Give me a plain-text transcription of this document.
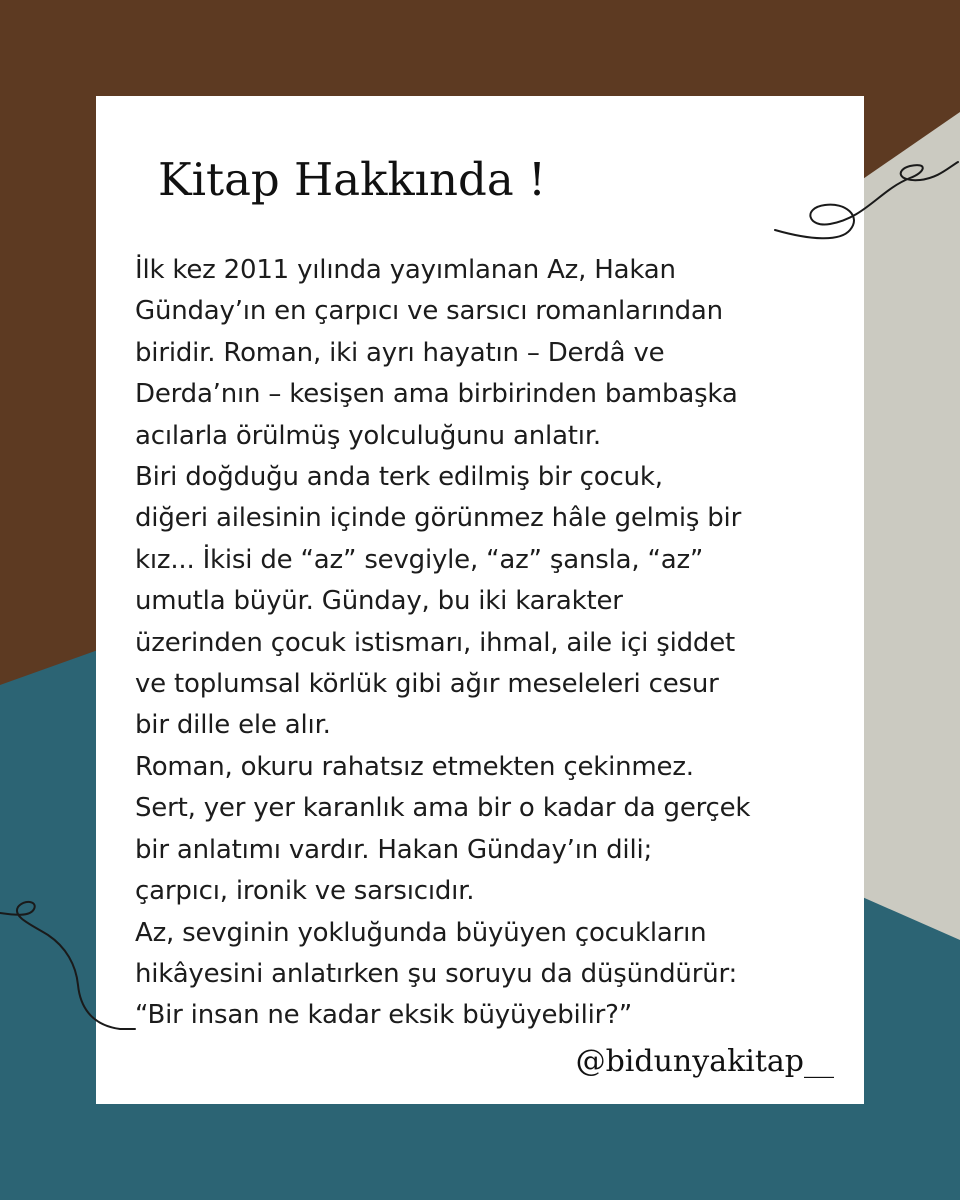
Kitap Hakkında !
İlk kez 2011 yılında yayımlanan Az, Hakan
Günday’ın en çarpıcı ve sarsıcı romanlarından
biridir. Roman, iki ayrı hayatın – Derdâ ve
Derda’nın – kesişen ama birbirinden bambaşka
acılarla örülmüş yolculuğunu anlatır.
Biri doğduğu anda terk edilmiş bir çocuk,
diğeri ailesinin içinde görünmez hâle gelmiş bir
kız... İkisi de “az” sevgiyle, “az” şansla, “az”
umutla büyür. Günday, bu iki karakter
üzerinden çocuk istismarı, ihmal, aile içi şiddet
ve toplumsal körlük gibi ağır meseleleri cesur
bir dille ele alır.
Roman, okuru rahatsız etmekten çekinmez.
Sert, yer yer karanlık ama bir o kadar da gerçek
bir anlatımı vardır. Hakan Günday’ın dili;
çarpıcı, ironik ve sarsıcıdır.
Az, sevginin yokluğunda büyüyen çocukların
hikâyesini anlatırken şu soruyu da düşündürür:
“Bir insan ne kadar eksik büyüyebilir?”
@bidunyakitap__
